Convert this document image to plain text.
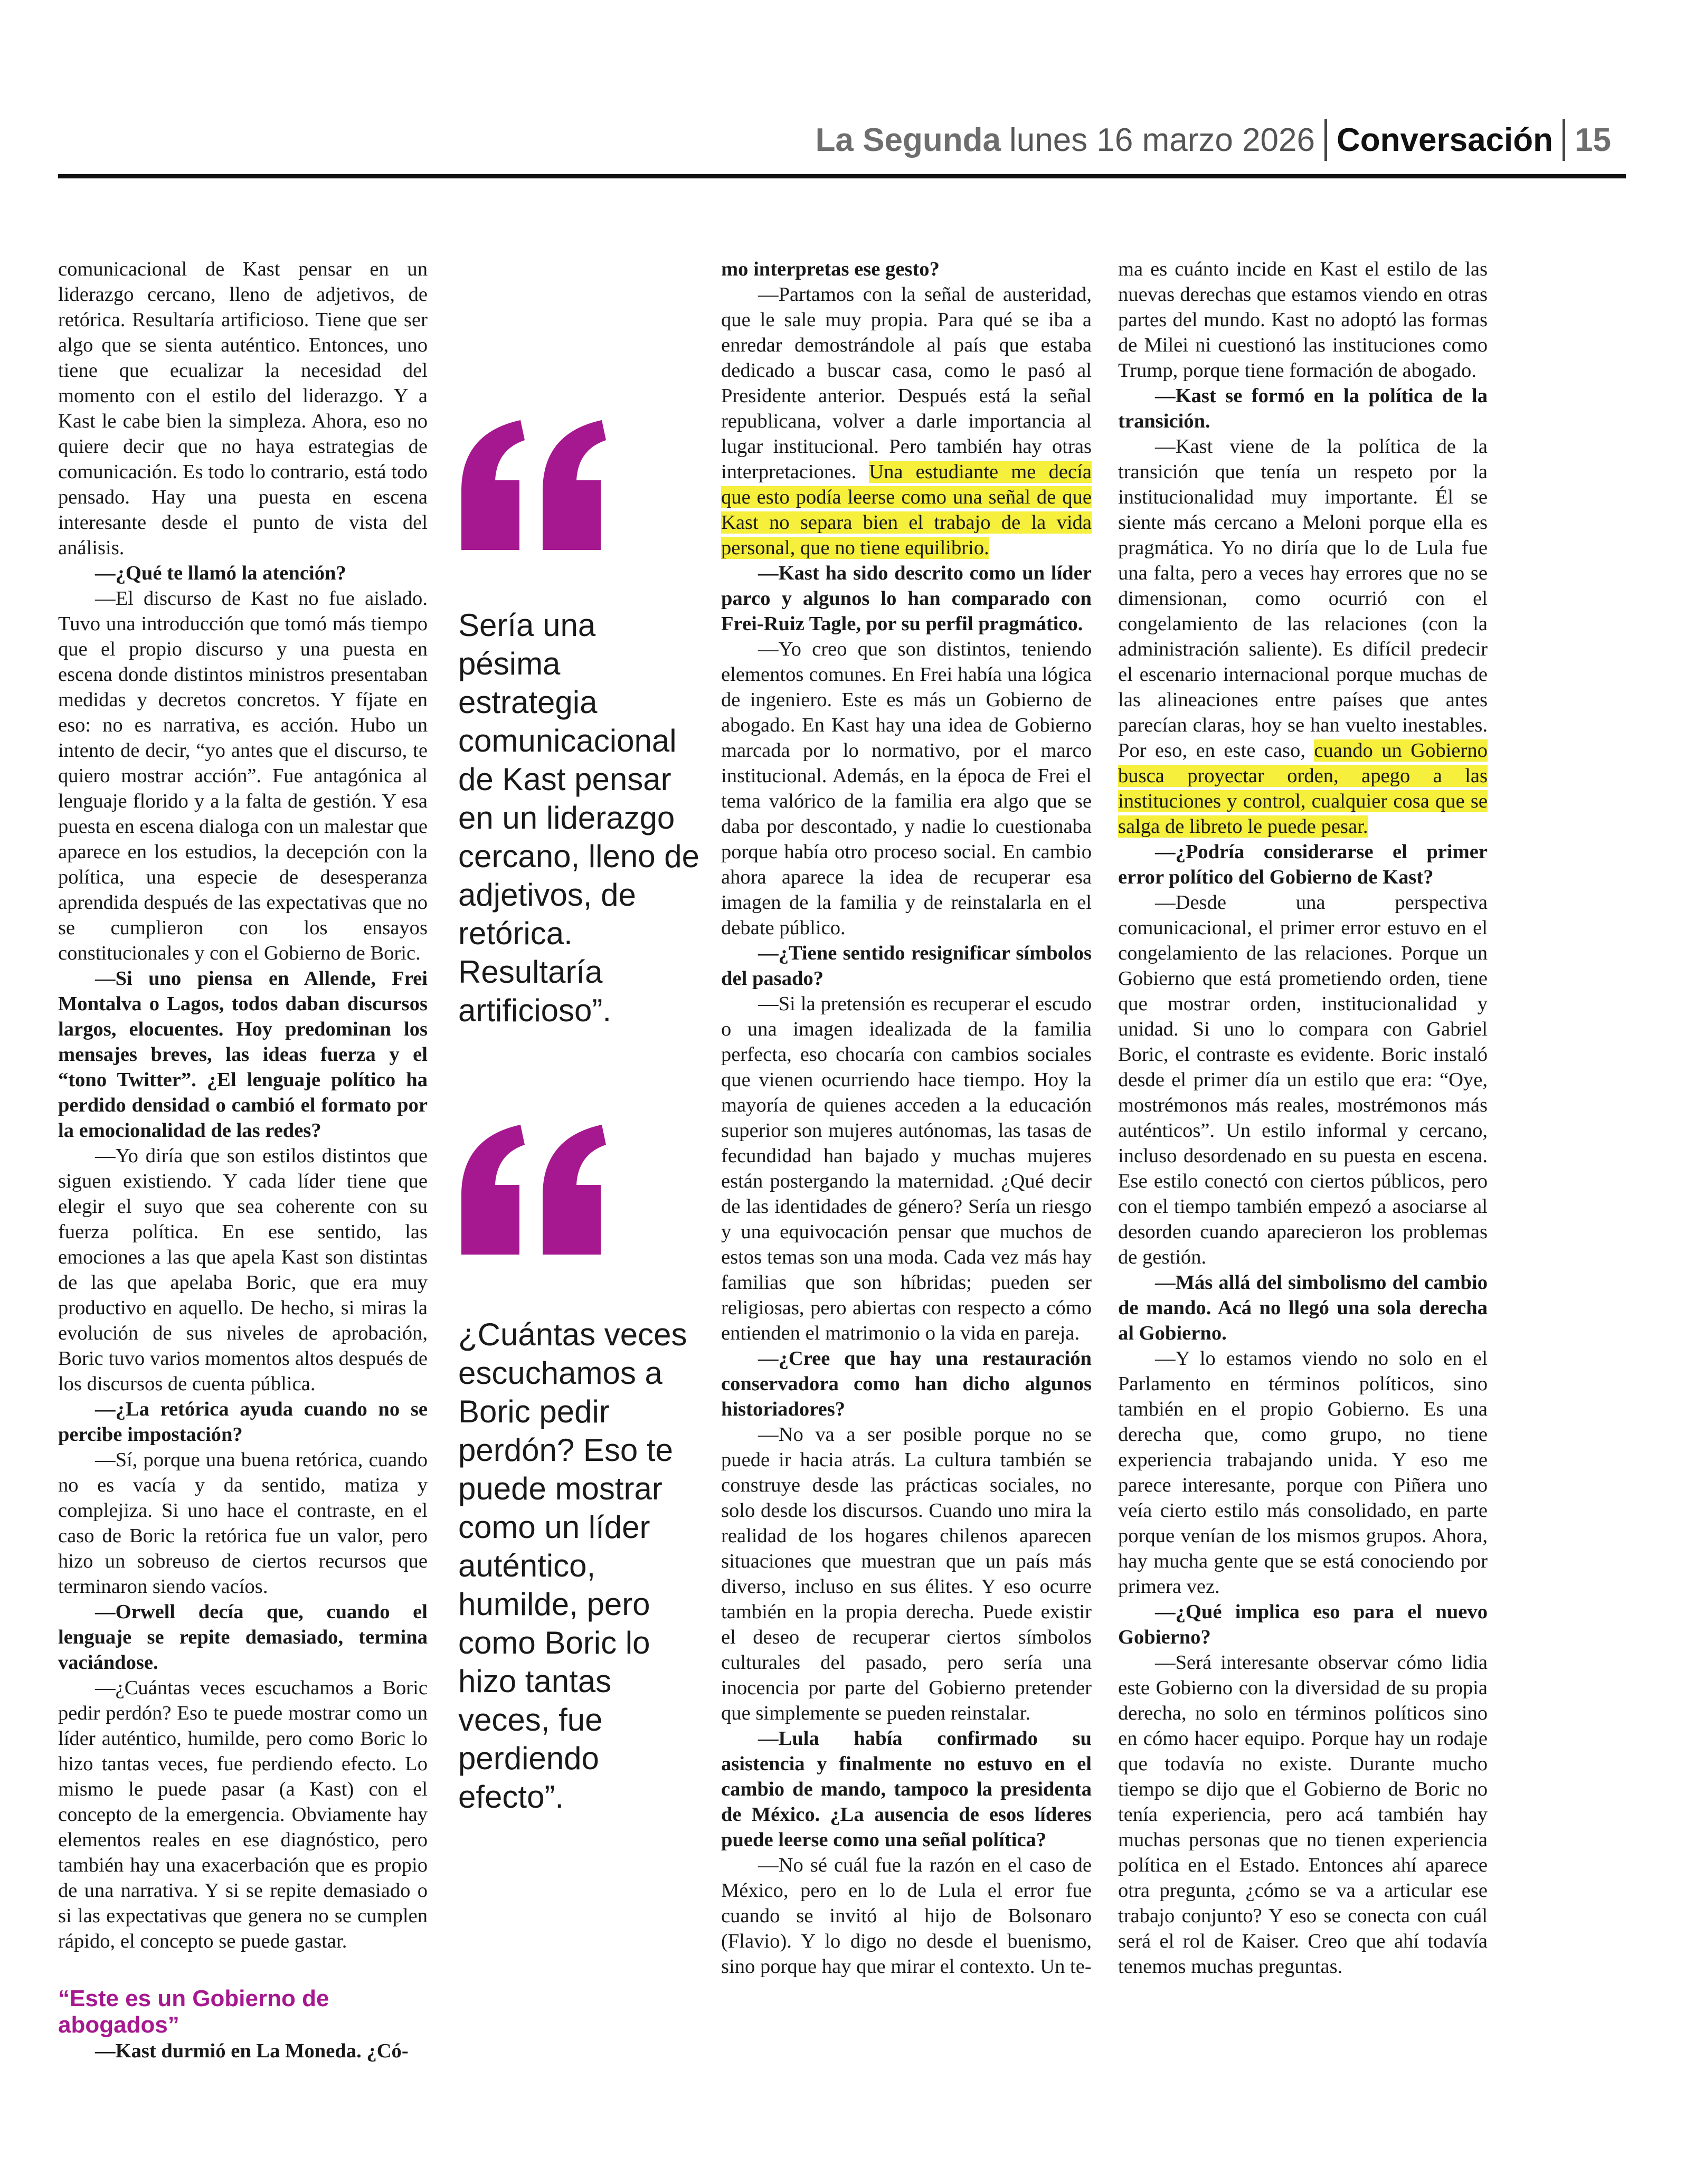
La Segunda lunes 16 marzo 2026 Conversación 15

comunicacional de Kast pensar en un liderazgo cercano, lleno de adjetivos, de retórica. Resultaría artificioso. Tiene que ser algo que se sienta auténtico. Entonces, uno tiene que ecualizar la necesidad del momento con el estilo del liderazgo. Y a Kast le cabe bien la simpleza. Ahora, eso no quiere decir que no haya estrategias de comunicación. Es todo lo contrario, está todo pensado. Hay una puesta en escena interesante desde el punto de vista del análisis.

—¿Qué te llamó la atención?

—El discurso de Kast no fue aislado. Tuvo una introducción que tomó más tiempo que el propio discurso y una puesta en escena donde distintos ministros presentaban medidas y decretos concretos. Y fíjate en eso: no es narrativa, es acción. Hubo un intento de decir, “yo antes que el discurso, te quiero mostrar acción”. Fue antagónica al lenguaje florido y a la falta de gestión. Y esa puesta en escena dialoga con un malestar que aparece en los estudios, la decepción con la política, una especie de desesperanza aprendida después de las expectativas que no se cumplieron con los ensayos constitucionales y con el Gobierno de Boric.

—Si uno piensa en Allende, Frei Montalva o Lagos, todos daban discursos largos, elocuentes. Hoy predominan los mensajes breves, las ideas fuerza y el “tono Twitter”. ¿El lenguaje político ha perdido densidad o cambió el formato por la emocionalidad de las redes?

—Yo diría que son estilos distintos que siguen existiendo. Y cada líder tiene que elegir el suyo que sea coherente con su fuerza política. En ese sentido, las emociones a las que apela Kast son distintas de las que apelaba Boric, que era muy productivo en aquello. De hecho, si miras la evolución de sus niveles de aprobación, Boric tuvo varios momentos altos después de los discursos de cuenta pública.

—¿La retórica ayuda cuando no se percibe impostación?

—Sí, porque una buena retórica, cuando no es vacía y da sentido, matiza y complejiza. Si uno hace el contraste, en el caso de Boric la retórica fue un valor, pero hizo un sobreuso de ciertos recursos que terminaron siendo vacíos.

—Orwell decía que, cuando el lenguaje se repite demasiado, termina vaciándose.

—¿Cuántas veces escuchamos a Boric pedir perdón? Eso te puede mostrar como un líder auténtico, humilde, pero como Boric lo hizo tantas veces, fue perdiendo efecto. Lo mismo le puede pasar (a Kast) con el concepto de la emergencia. Obviamente hay elementos reales en ese diagnóstico, pero también hay una exacerbación que es propio de una narrativa. Y si se repite demasiado o si las expectativas que genera no se cumplen rápido, el concepto se puede gastar.

“Este es un Gobierno de abogados”

—Kast durmió en La Moneda. ¿Có-

Sería una pésima estrategia comunicacional de Kast pensar en un liderazgo cercano, lleno de adjetivos, de retórica. Resultaría artificioso”.
¿Cuántas veces escuchamos a Boric pedir perdón? Eso te puede mostrar como un líder auténtico, humilde, pero como Boric lo hizo tantas veces, fue perdiendo efecto”.

mo interpretas ese gesto?

—Partamos con la señal de austeridad, que le sale muy propia. Para qué se iba a enredar demostrándole al país que estaba dedicado a buscar casa, como le pasó al Presidente anterior. Después está la señal republicana, volver a darle importancia al lugar institucional. Pero también hay otras interpretaciones. Una estudiante me decía que esto podía leerse como una señal de que Kast no separa bien el trabajo de la vida personal, que no tiene equilibrio.

—Kast ha sido descrito como un líder parco y algunos lo han comparado con Frei-Ruiz Tagle, por su perfil pragmático.

—Yo creo que son distintos, teniendo elementos comunes. En Frei había una lógica de ingeniero. Este es más un Gobierno de abogado. En Kast hay una idea de Gobierno marcada por lo normativo, por el marco institucional. Además, en la época de Frei el tema valórico de la familia era algo que se daba por descontado, y nadie lo cuestionaba porque había otro proceso social. En cambio ahora aparece la idea de recuperar esa imagen de la familia y de reinstalarla en el debate público.

—¿Tiene sentido resignificar símbolos del pasado?

—Si la pretensión es recuperar el escudo o una imagen idealizada de la familia perfecta, eso chocaría con cambios sociales que vienen ocurriendo hace tiempo. Hoy la mayoría de quienes acceden a la educación superior son mujeres autónomas, las tasas de fecundidad han bajado y muchas mujeres están postergando la maternidad. ¿Qué decir de las identidades de género? Sería un riesgo y una equivocación pensar que muchos de estos temas son una moda. Cada vez más hay familias que son híbridas; pueden ser religiosas, pero abiertas con respecto a cómo entienden el matrimonio o la vida en pareja.

—¿Cree que hay una restauración conservadora como han dicho algunos historiadores?

—No va a ser posible porque no se puede ir hacia atrás. La cultura también se construye desde las prácticas sociales, no solo desde los discursos. Cuando uno mira la realidad de los hogares chilenos aparecen situaciones que muestran que un país más diverso, incluso en sus élites. Y eso ocurre también en la propia derecha. Puede existir el deseo de recuperar ciertos símbolos culturales del pasado, pero sería una inocencia por parte del Gobierno pretender que simplemente se pueden reinstalar.

—Lula había confirmado su asistencia y finalmente no estuvo en el cambio de mando, tampoco la presidenta de México. ¿La ausencia de esos líderes puede leerse como una señal política?

—No sé cuál fue la razón en el caso de México, pero en lo de Lula el error fue cuando se invitó al hijo de Bolsonaro (Flavio). Y lo digo no desde el buenismo, sino porque hay que mirar el contexto. Un te-

ma es cuánto incide en Kast el estilo de las nuevas derechas que estamos viendo en otras partes del mundo. Kast no adoptó las formas de Milei ni cuestionó las instituciones como Trump, porque tiene formación de abogado.

—Kast se formó en la política de la transición.

—Kast viene de la política de la transición que tenía un respeto por la institucionalidad muy importante. Él se siente más cercano a Meloni porque ella es pragmática. Yo no diría que lo de Lula fue una falta, pero a veces hay errores que no se dimensionan, como ocurrió con el congelamiento de las relaciones (con la administración saliente). Es difícil predecir el escenario internacional porque muchas de las alineaciones entre países que antes parecían claras, hoy se han vuelto inestables. Por eso, en este caso, cuando un Gobierno busca proyectar orden, apego a las instituciones y control, cualquier cosa que se salga de libreto le puede pesar.

—¿Podría considerarse el primer error político del Gobierno de Kast?

—Desde una perspectiva comunicacional, el primer error estuvo en el congelamiento de las relaciones. Porque un Gobierno que está prometiendo orden, tiene que mostrar orden, institucionalidad y unidad. Si uno lo compara con Gabriel Boric, el contraste es evidente. Boric instaló desde el primer día un estilo que era: “Oye, mostrémonos más reales, mostrémonos más auténticos”. Un estilo informal y cercano, incluso desordenado en su puesta en escena. Ese estilo conectó con ciertos públicos, pero con el tiempo también empezó a asociarse al desorden cuando aparecieron los problemas de gestión.

—Más allá del simbolismo del cambio de mando. Acá no llegó una sola derecha al Gobierno.

—Y lo estamos viendo no solo en el Parlamento en términos políticos, sino también en el propio Gobierno. Es una derecha que, como grupo, no tiene experiencia trabajando unida. Y eso me parece interesante, porque con Piñera uno veía cierto estilo más consolidado, en parte porque venían de los mismos grupos. Ahora, hay mucha gente que se está conociendo por primera vez.

—¿Qué implica eso para el nuevo Gobierno?

—Será interesante observar cómo lidia este Gobierno con la diversidad de su propia derecha, no solo en términos políticos sino en cómo hacer equipo. Porque hay un rodaje que todavía no existe. Durante mucho tiempo se dijo que el Gobierno de Boric no tenía experiencia, pero acá también hay muchas personas que no tienen experiencia política en el Estado. Entonces ahí aparece otra pregunta, ¿cómo se va a articular ese trabajo conjunto? Y eso se conecta con cuál será el rol de Kaiser. Creo que ahí todavía tenemos muchas preguntas.
